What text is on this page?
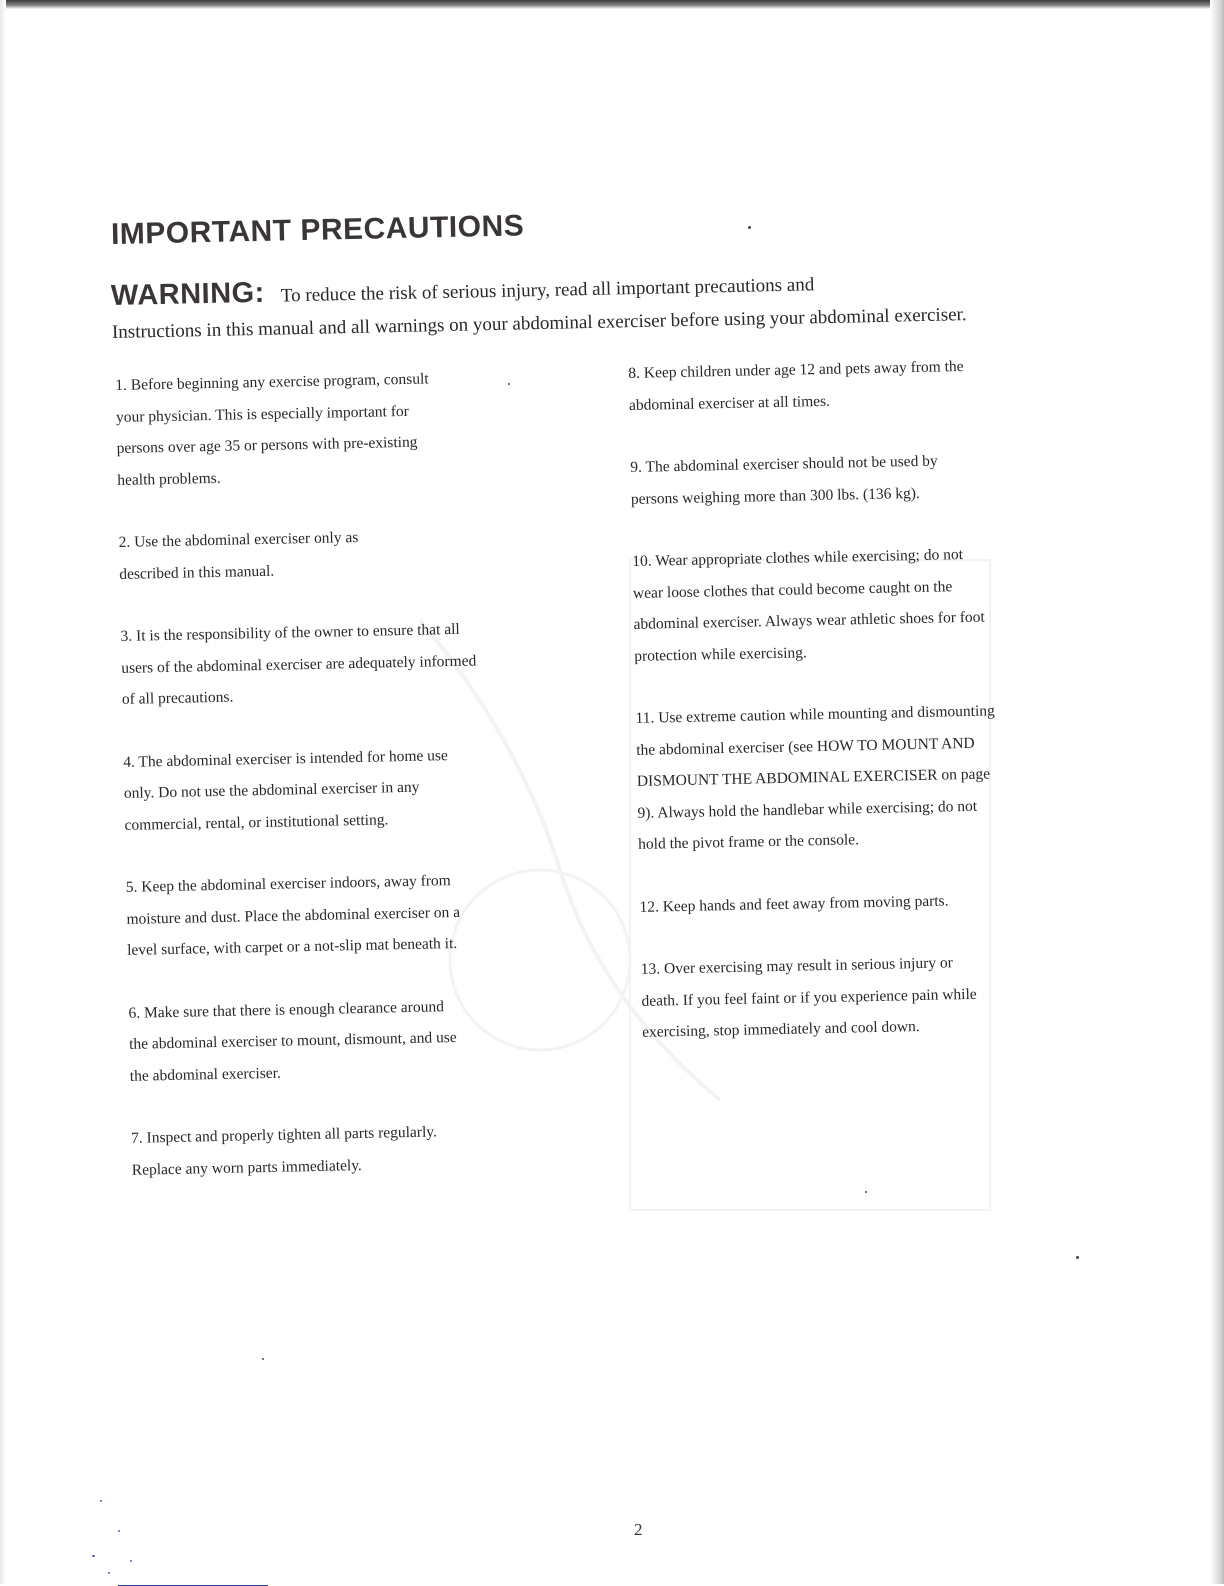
IMPORTANT PRECAUTIONS
WARNING: To reduce the risk of serious injury, read all important precautions and
Instructions in this manual and all warnings on your abdominal exerciser before using your abdominal exerciser.

1. Before beginning any exercise program, consult your physician. This is especially important for persons over age 35 or persons with pre-existing health problems.

2. Use the abdominal exerciser only as described in this manual.

3. It is the responsibility of the owner to ensure that all users of the abdominal exerciser are adequately informed of all precautions.

4. The abdominal exerciser is intended for home use only. Do not use the abdominal exerciser in any commercial, rental, or institutional setting.

5. Keep the abdominal exerciser indoors, away from moisture and dust. Place the abdominal exerciser on a level surface, with carpet or a not-slip mat beneath it.

6. Make sure that there is enough clearance around the abdominal exerciser to mount, dismount, and use the abdominal exerciser.

7. Inspect and properly tighten all parts regularly. Replace any worn parts immediately.

8. Keep children under age 12 and pets away from the abdominal exerciser at all times.

9. The abdominal exerciser should not be used by persons weighing more than 300 lbs. (136 kg).

10. Wear appropriate clothes while exercising; do not wear loose clothes that could become caught on the abdominal exerciser. Always wear athletic shoes for foot protection while exercising.

11. Use extreme caution while mounting and dismounting the abdominal exerciser (see HOW TO MOUNT AND DISMOUNT THE ABDOMINAL EXERCISER on page 9). Always hold the handlebar while exercising; do not hold the pivot frame or the console.

12. Keep hands and feet away from moving parts.

13. Over exercising may result in serious injury or death. If you feel faint or if you experience pain while exercising, stop immediately and cool down.

2
